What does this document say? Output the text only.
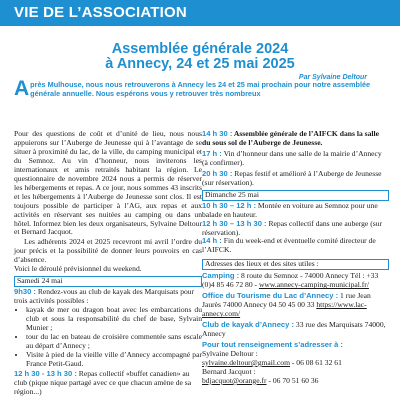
VIE DE L’ASSOCIATION
Assemblée générale 2024
à Annecy, 24 et 25 mai 2025
Par Sylvaine Deltour
Après Mulhouse, nous nous retrouverons à Annecy les 24 et 25 mai prochain pour notre assemblée générale annuelle. Nous espérons vous y retrouver très nombreux

Pour des questions de coût et d’unité de lieu, nous nous appuierons sur l’Auberge de Jeunesse qui à l’avantage de se situer à proximité du lac, de la ville, du camping municipal et du Semnoz. Au vin d’honneur, nous inviterons les internationaux et amis retraités habitant la région. Le questionnaire de novembre 2024 nous a permis de réserver les hébergements et repas. A ce jour, nous sommes 43 inscrits et les hébergements à l’Auberge de Jeunesse sont clos. Il est toujours possible de participer à l’AG, aux repas et aux activités en réservant ses nuitées au camping ou dans un hôtel. Informez bien les deux organisateurs, Sylvaine Deltour et Bernard Jacquot.

Les adhérents 2024 et 2025 recevront mi avril l’ordre du jour précis et la possibilité de donner leurs pouvoirs en cas d’absence.

Voici le déroulé prévisionnel du weekend.

Samedi 24 mai

9h30 : Rendez-vous au club de kayak des Marquisats pour trois activités possibles :

• kayak de mer ou dragon boat avec les embarcations du club et sous la responsabilité du chef de base, Sylvain Munier ;
• tour du lac en bateau de croisière commentée sans escale au départ d’Annecy ;
• Visite à pied de la vieille ville d’Annecy accompagné par France Petit-Gaud.

12 h 30 - 13 h 30 : Repas collectif «buffet canadien» au club (pique nique partagé avec ce que chacun amène de sa région...)

14 h 30 : Assemblée générale de l’AIFCK dans la salle du sous sol de l’Auberge de Jeunesse.

17 h : Vin d’honneur dans une salle de la mairie d’Annecy (à confirmer).

20 h 30 : Repas festif et amélioré à l’Auberge de Jeunesse (sur réservation).

Dimanche 25 mai

10 h 30 – 12 h : Montée en voiture au Semnoz pour une balade en hauteur.

12 h 30 – 13 h 30 : Repas collectif dans une auberge (sur réservation).

14 h : Fin du week-end et éventuelle comité directeur de l’AIFCK.

Adresses des lieux et des sites utiles :

Camping : 8 route du Semnoz - 74000 Annecy Tél : +33 (0)4 85 46 72 80 - www.annecy-camping-municipal.fr/

Office du Tourisme du Lac d’Annecy : 1 rue Jean Jaurès 74000 Annecy 04 50 45 00 33 https://www.lac-annecy.com/

Club de kayak d’Annecy : 33 rue des Marquisats 74000, Annecy

Pour tout renseignement s’adresser à :

Sylvaine Deltour :

sylvaine.deltour@gmail.com - 06 08 61 32 61

Bernard Jacquot :

bdjacquot@orange.fr - 06 70 51 60 36
